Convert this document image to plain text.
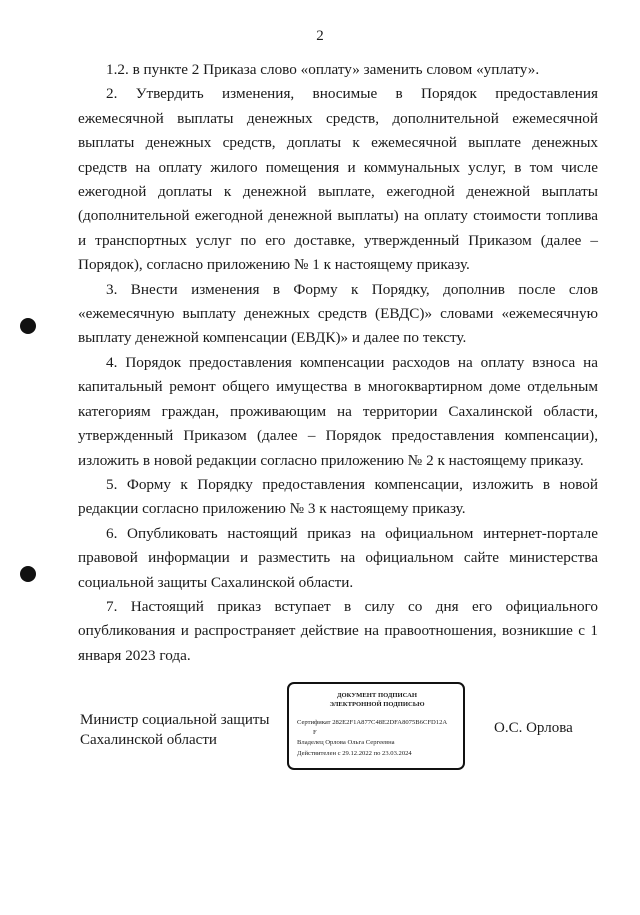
2

1.2. в пункте 2 Приказа слово «оплату» заменить словом «уплату».

2. Утвердить изменения, вносимые в Порядок предоставления ежемесячной выплаты денежных средств, дополнительной ежемесячной выплаты денежных средств, доплаты к ежемесячной выплате денежных средств на оплату жилого помещения и коммунальных услуг, в том числе ежегодной доплаты к денежной выплате, ежегодной денежной выплаты (дополнительной ежегодной денежной выплаты) на оплату стоимости топлива и транспортных услуг по его доставке, утвержденный Приказом (далее – Порядок), согласно приложению № 1 к настоящему приказу.

3. Внести изменения в Форму к Порядку, дополнив после слов «ежемесячную выплату денежных средств (ЕВДС)» словами «ежемесячную выплату денежной компенсации (ЕВДК)» и далее по тексту.

4. Порядок предоставления компенсации расходов на оплату взноса на капитальный ремонт общего имущества в многоквартирном доме отдельным категориям граждан, проживающим на территории Сахалинской области, утвержденный Приказом (далее – Порядок предоставления компенсации), изложить в новой редакции согласно приложению № 2 к настоящему приказу.

5. Форму к Порядку предоставления компенсации, изложить в новой редакции согласно приложению № 3 к настоящему приказу.

6. Опубликовать настоящий приказ на официальном интернет-портале правовой информации и разместить на официальном сайте министерства социальной защиты Сахалинской области.

7. Настоящий приказ вступает в силу со дня его официального опубликования и распространяет действие на правоотношения, возникшие с 1 января 2023 года.

Министр социальной защиты
Сахалинской области
ДОКУМЕНТ ПОДПИСАН
ЭЛЕКТРОННОЙ ПОДПИСЬЮ
Сертификат 282E2F1A877C48E2DFA8075B6CFD12A
F
Владелец Орлова Ольга Сергеевна
Действителен с 29.12.2022 по 23.03.2024
О.С. Орлова
